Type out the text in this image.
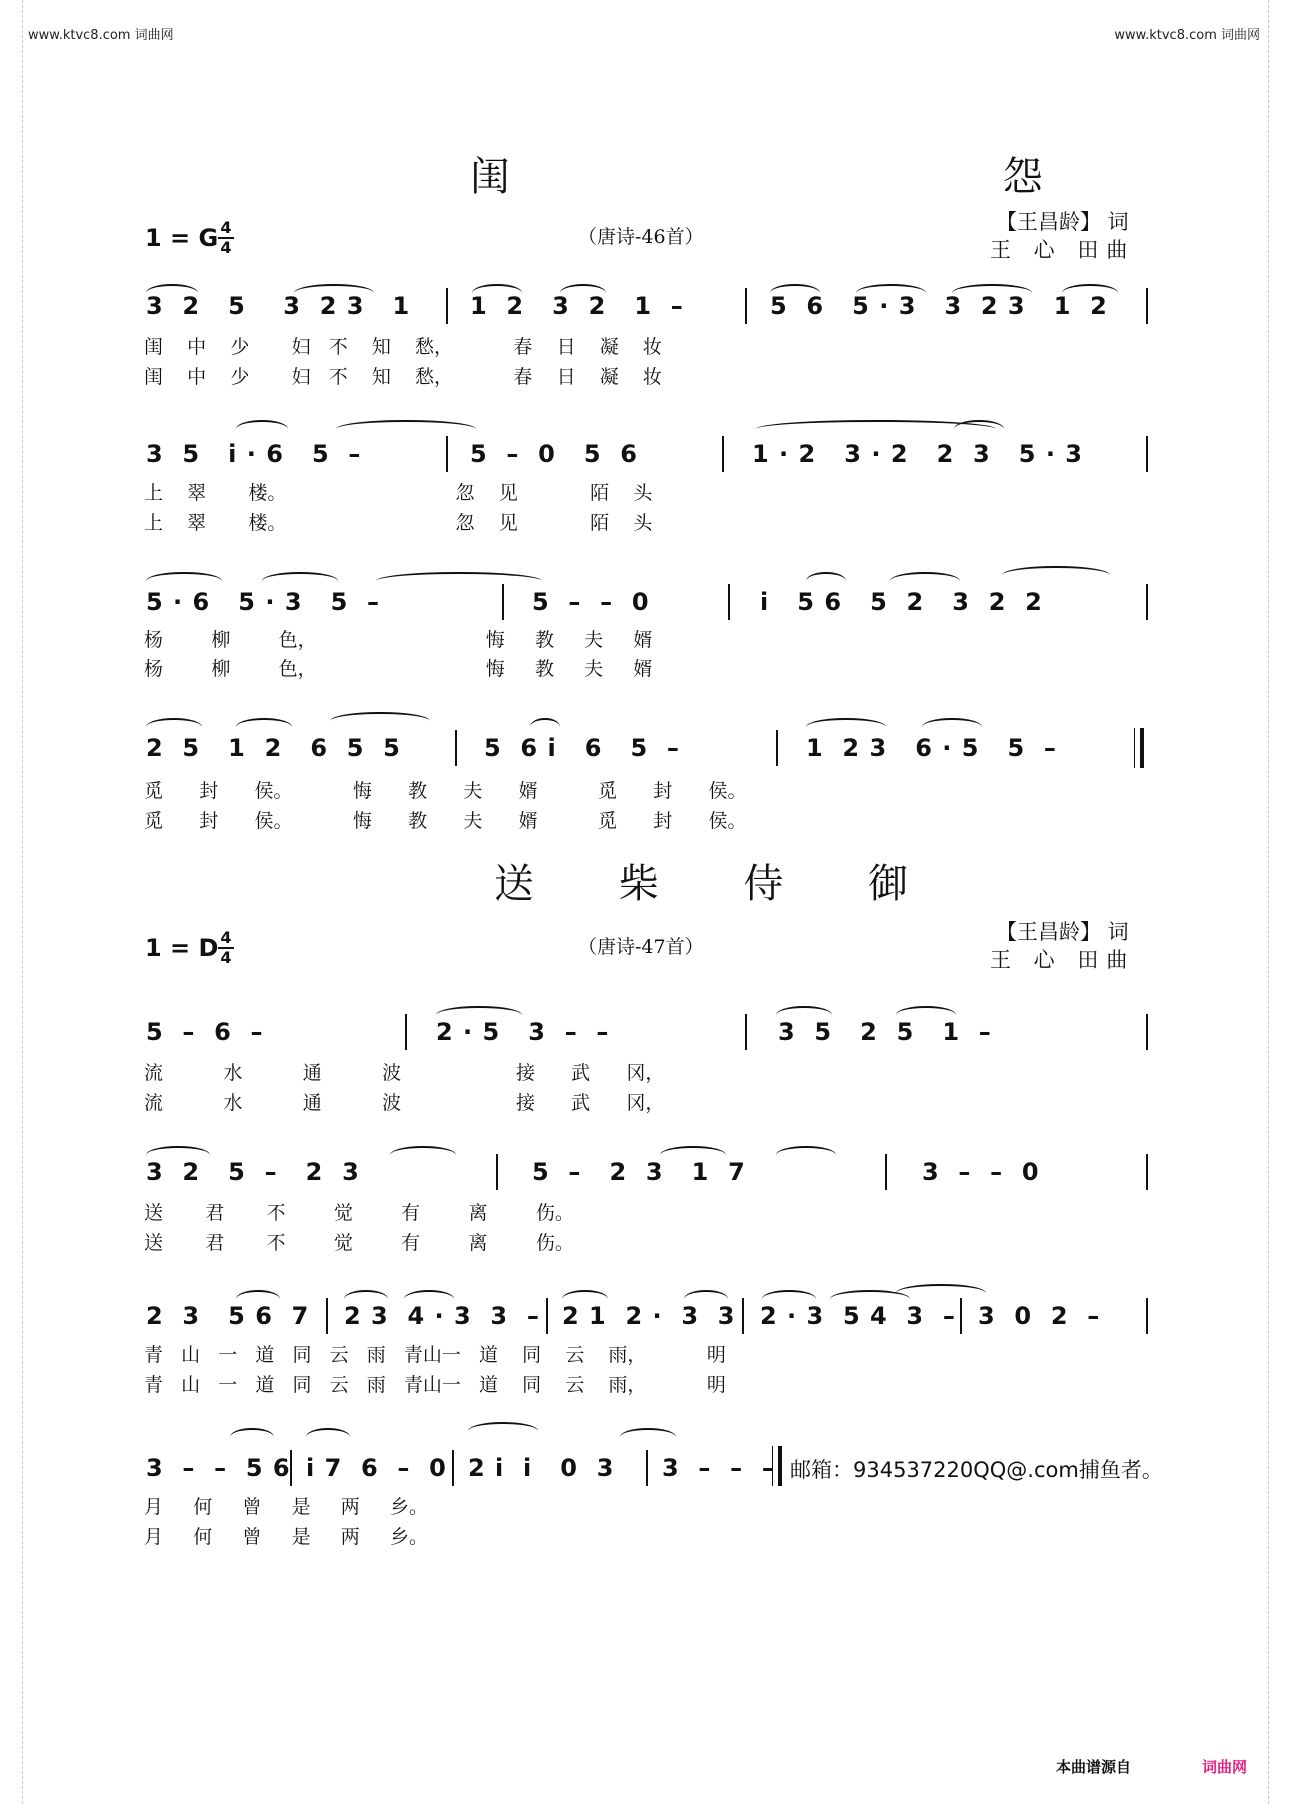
www.ktvc8.com 词曲网	www.ktvc8.com 词曲网
闺 怨
1 = G 4
4	（唐诗-46首）
【王昌龄】 词
王 心 田曲
3  2   5    3  2 3   1 1  2   3  2   1  –	5  6   5 · 3   3  2 3   1  2
闺    中    少       妇   不    知    愁，          春    日    凝    妆
闺    中    少       妇   不    知    愁，          春    日    凝    妆
3  5   i · 6   5  –	5  –  0   5  6	1 · 2   3 · 2   2  3   5 · 3
上    翠       楼。                            忽    见            陌    头
上    翠       楼。                            忽    见            陌    头
5 · 6   5 · 3   5  –	5  –  –  0	i   5 6   5  2   3  2  2
杨        柳        色，                            悔     教     夫     婿
杨        柳        色，                            悔     教     夫     婿
2  5   1  2   6  5  5	5  6 i   6   5  –	1  2 3   6 · 5   5  –
觅      封      侯。          悔      教      夫      婿          觅      封      侯。
觅      封      侯。          悔      教      夫      婿          觅      封      侯。
送 柴 侍 御
1 = D 4
4	（唐诗-47首）
【王昌龄】 词
王 心 田曲
5  –  6  –	2 · 5   3  –  –	3  5   2  5   1  –
流          水          通          波                   接      武      冈，
流          水          通          波                   接      武      冈，
3  2   5  –   2  3	5  –   2  3   1  7	3  –  –  0
送       君       不        觉        有        离        伤。
送       君       不        觉        有        离        伤。
2  3   5 6  7 2 3  4 · 3  3  – 2 1  2 ·  3  3 2 · 3  5 4  3  – 3  0  2  –
青   山   一   道   同   云   雨   青山一   道    同    云    雨，          明
青   山   一   道   同   云   雨   青山一   道    同    云    雨，          明
3  –  –  5 6 i 7  6  –  0 2 i  i   0  3 3  –  –  – 邮箱：934537220QQ@.com捕鱼者。
月     何     曾     是     两     乡。
月     何     曾     是     两     乡。
本曲谱源自	词曲网
